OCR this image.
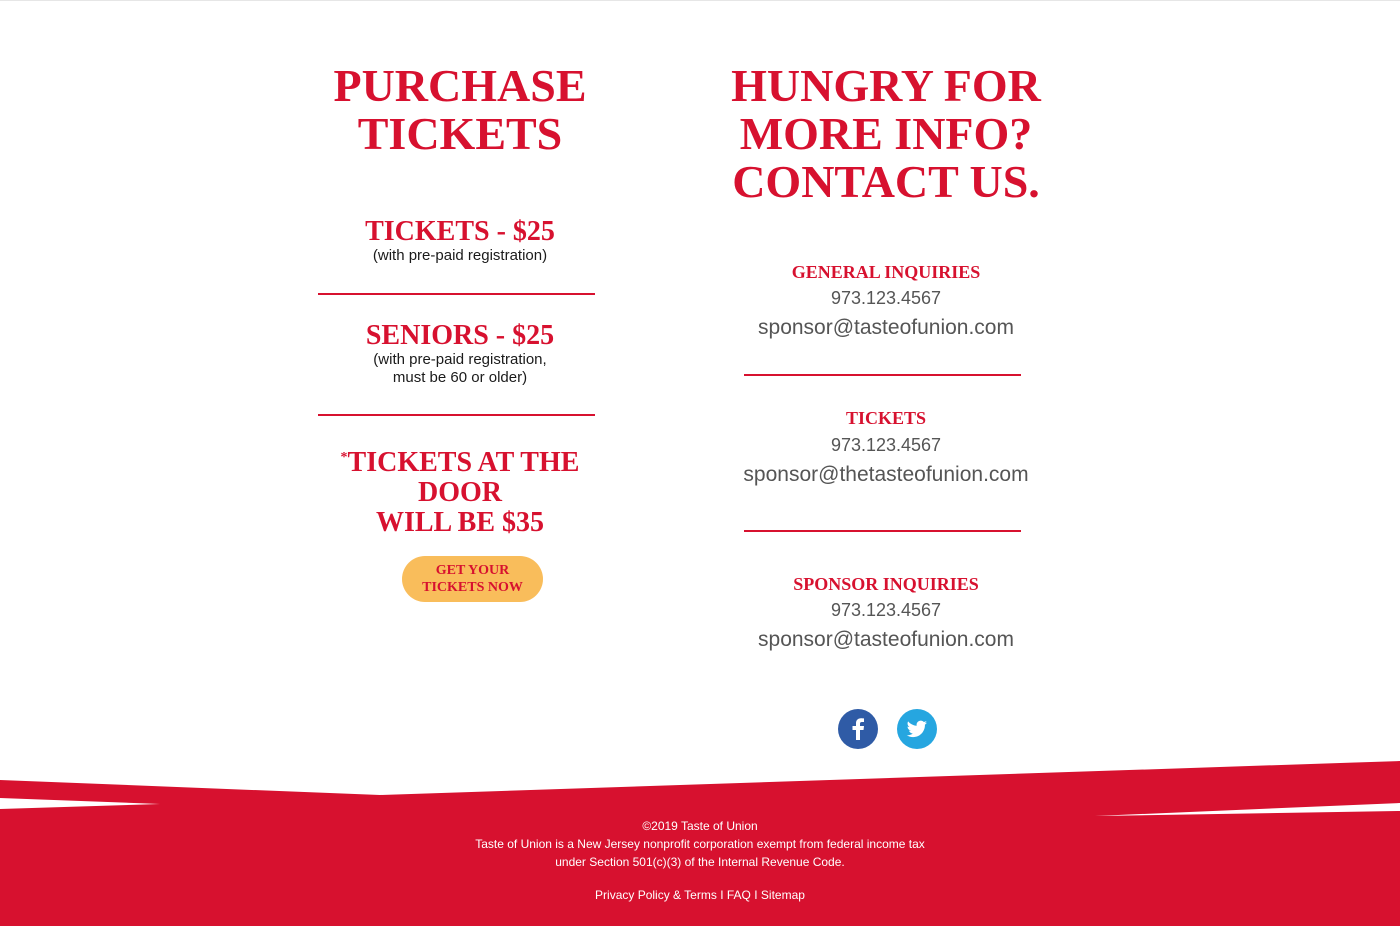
PURCHASE
TICKETS
TICKETS - $25
(with pre-paid registration)
SENIORS - $25
(with pre-paid registration,
must be 60 or older)
*TICKETS AT THE DOOR
WILL BE $35
GET YOUR
TICKETS NOW
HUNGRY FOR
MORE INFO?
CONTACT US.
GENERAL INQUIRIES
973.123.4567
sponsor@tasteofunion.com
TICKETS
973.123.4567
sponsor@thetasteofunion.com
SPONSOR INQUIRIES
973.123.4567
sponsor@tasteofunion.com
©2019 Taste of Union
Taste of Union is a New Jersey nonprofit corporation exempt from federal income tax
under Section 501(c)(3) of the Internal Revenue Code.
Privacy Policy & Terms I FAQ I Sitemap
